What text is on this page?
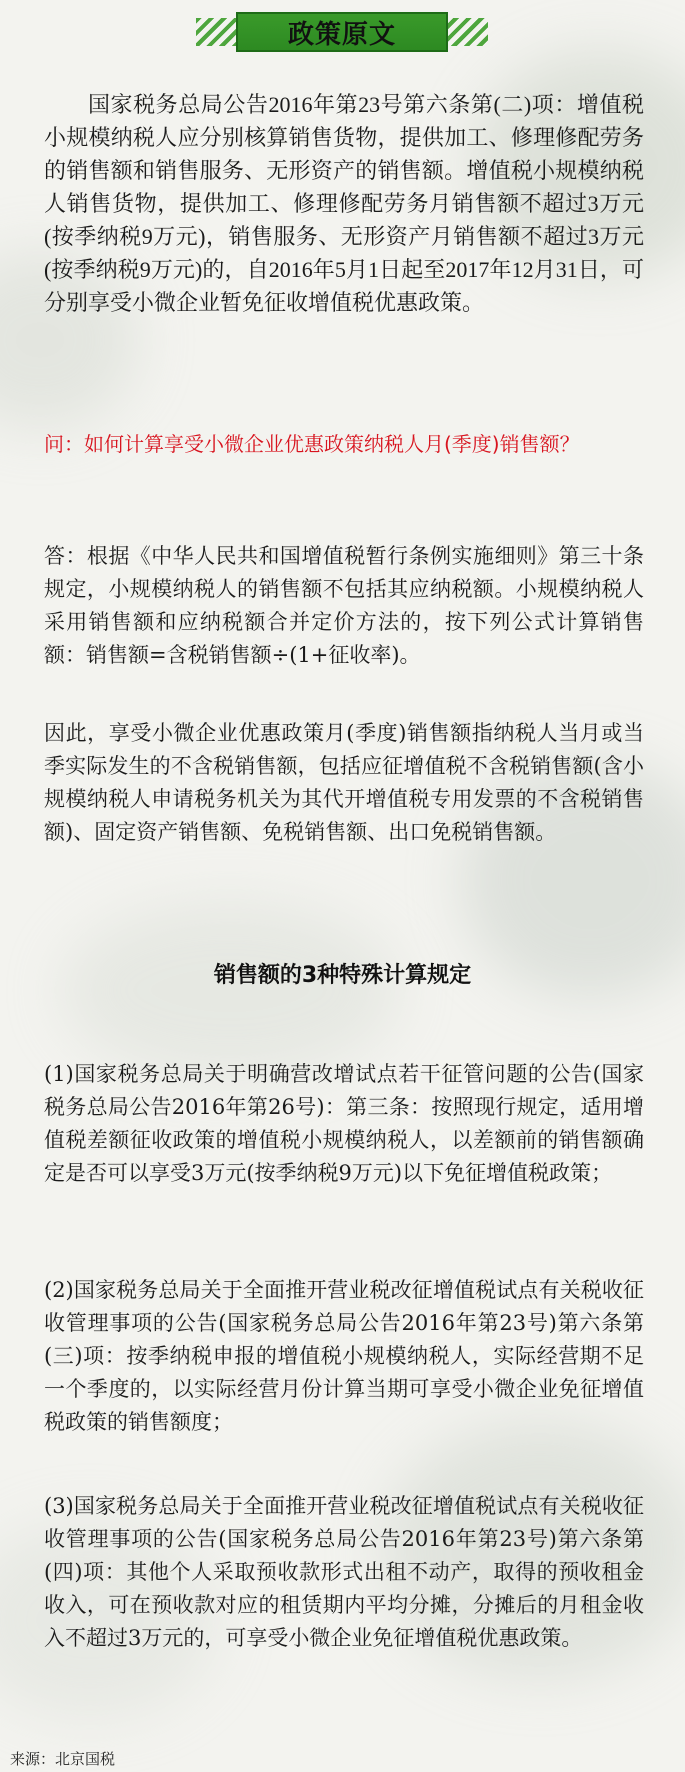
政策原文

国家税务总局公告2016年第23号第六条第(二)项：增值税小规模纳税人应分别核算销售货物，提供加工、修理修配劳务的销售额和销售服务、无形资产的销售额。增值税小规模纳税人销售货物，提供加工、修理修配劳务月销售额不超过3万元(按季纳税9万元)，销售服务、无形资产月销售额不超过3万元(按季纳税9万元)的，自2016年5月1日起至2017年12月31日，可分别享受小微企业暂免征收增值税优惠政策。

问：如何计算享受小微企业优惠政策纳税人月(季度)销售额？

答：根据《中华人民共和国增值税暂行条例实施细则》第三十条规定，小规模纳税人的销售额不包括其应纳税额。小规模纳税人采用销售额和应纳税额合并定价方法的，按下列公式计算销售额：销售额=含税销售额÷(1+征收率)。

因此，享受小微企业优惠政策月(季度)销售额指纳税人当月或当季实际发生的不含税销售额，包括应征增值税不含税销售额(含小规模纳税人申请税务机关为其代开增值税专用发票的不含税销售额)、固定资产销售额、免税销售额、出口免税销售额。

销售额的3种特殊计算规定

(1)国家税务总局关于明确营改增试点若干征管问题的公告(国家税务总局公告2016年第26号)：第三条：按照现行规定，适用增值税差额征收政策的增值税小规模纳税人，以差额前的销售额确定是否可以享受3万元(按季纳税9万元)以下免征增值税政策；

(2)国家税务总局关于全面推开营业税改征增值税试点有关税收征收管理事项的公告(国家税务总局公告2016年第23号)第六条第(三)项：按季纳税申报的增值税小规模纳税人，实际经营期不足一个季度的，以实际经营月份计算当期可享受小微企业免征增值税政策的销售额度；

(3)国家税务总局关于全面推开营业税改征增值税试点有关税收征收管理事项的公告(国家税务总局公告2016年第23号)第六条第(四)项：其他个人采取预收款形式出租不动产，取得的预收租金收入，可在预收款对应的租赁期内平均分摊，分摊后的月租金收入不超过3万元的，可享受小微企业免征增值税优惠政策。

来源：北京国税
